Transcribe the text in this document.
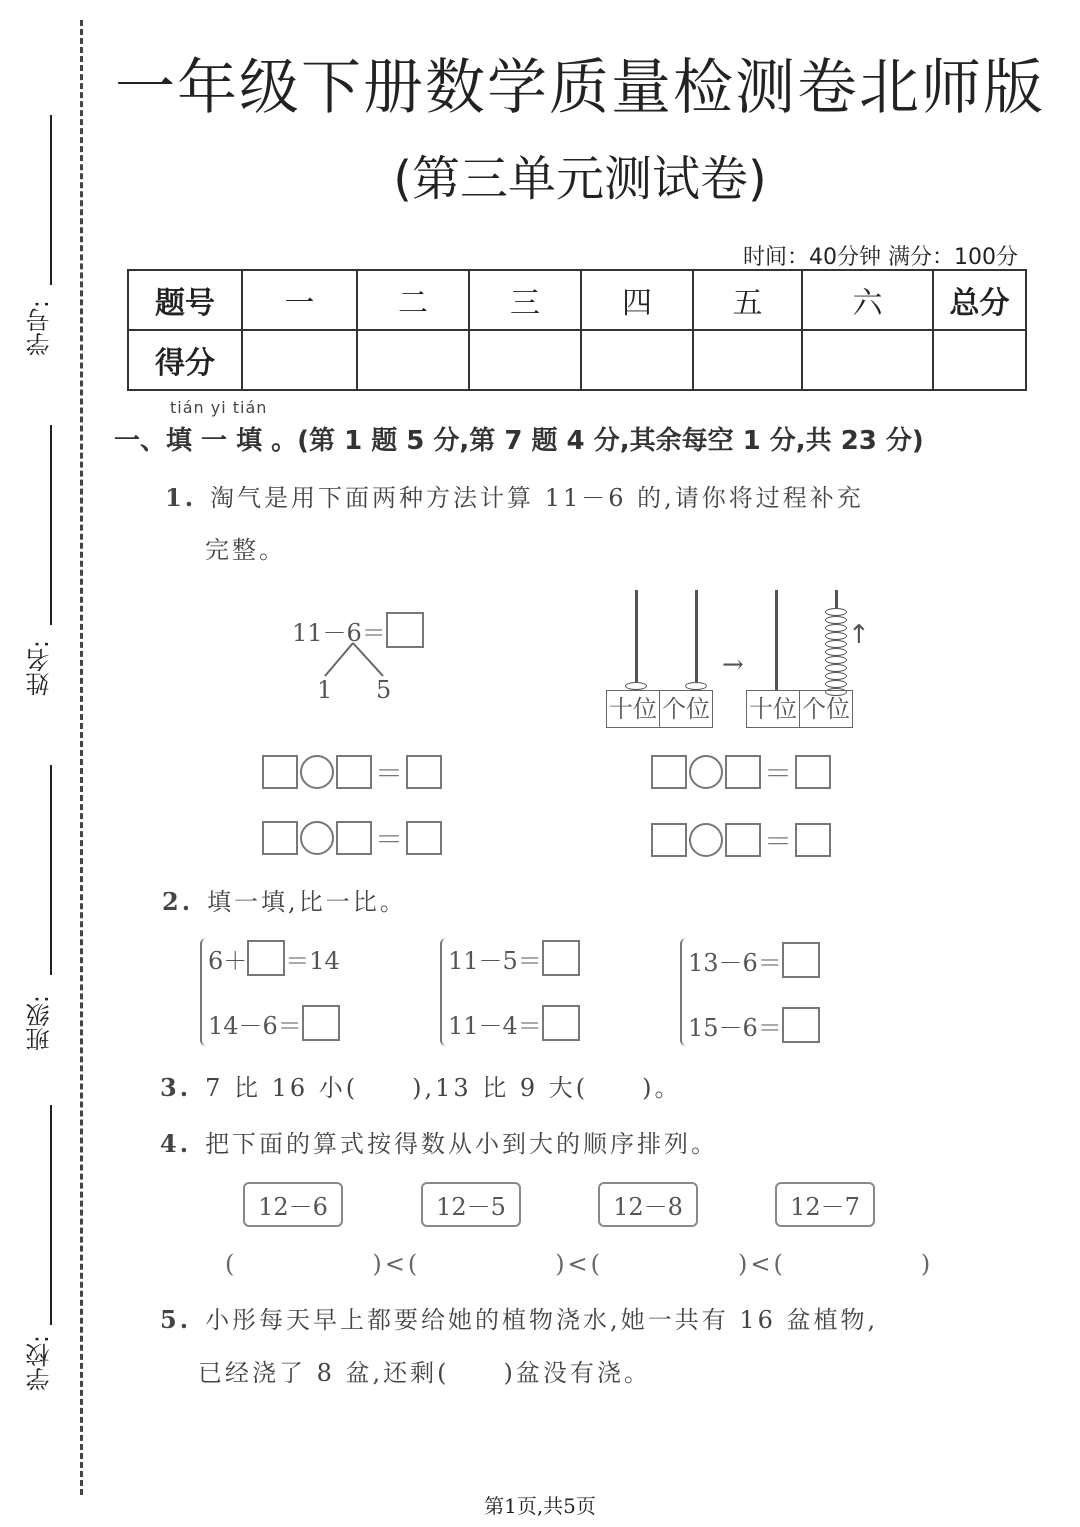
学号:
姓名:
班级:
学校:
一年级下册数学质量检测卷北师版
(第三单元测试卷)
时间：40分钟 满分：100分
题号	一	二	三	四	五	六	总分
得分							
tián yi tián
一、填 一 填 。(第 1 题 5 分,第 7 题 4 分,其余每空 1 分,共 23 分)
1. 淘气是用下面两种方法计算 11－6 的,请你将过程补充
完整。
11－6＝
1 5
十位 个位
→
↑
十位 个位
＝
＝
＝
＝
2. 填一填,比一比。
6＋ ＝14
14－6＝
11－5＝
11－4＝
13－6＝
15－6＝
3. 7 比 16 小(　　),13 比 9 大(　　)。
4. 把下面的算式按得数从小到大的顺序排列。
12－6	12－5	12－8	12－7
(　　　　　)<(　　　　　)<(　　　　　)<(　　　　　)
5. 小彤每天早上都要给她的植物浇水,她一共有 16 盆植物,
已经浇了 8 盆,还剩(　　)盆没有浇。
第1页,共5页
